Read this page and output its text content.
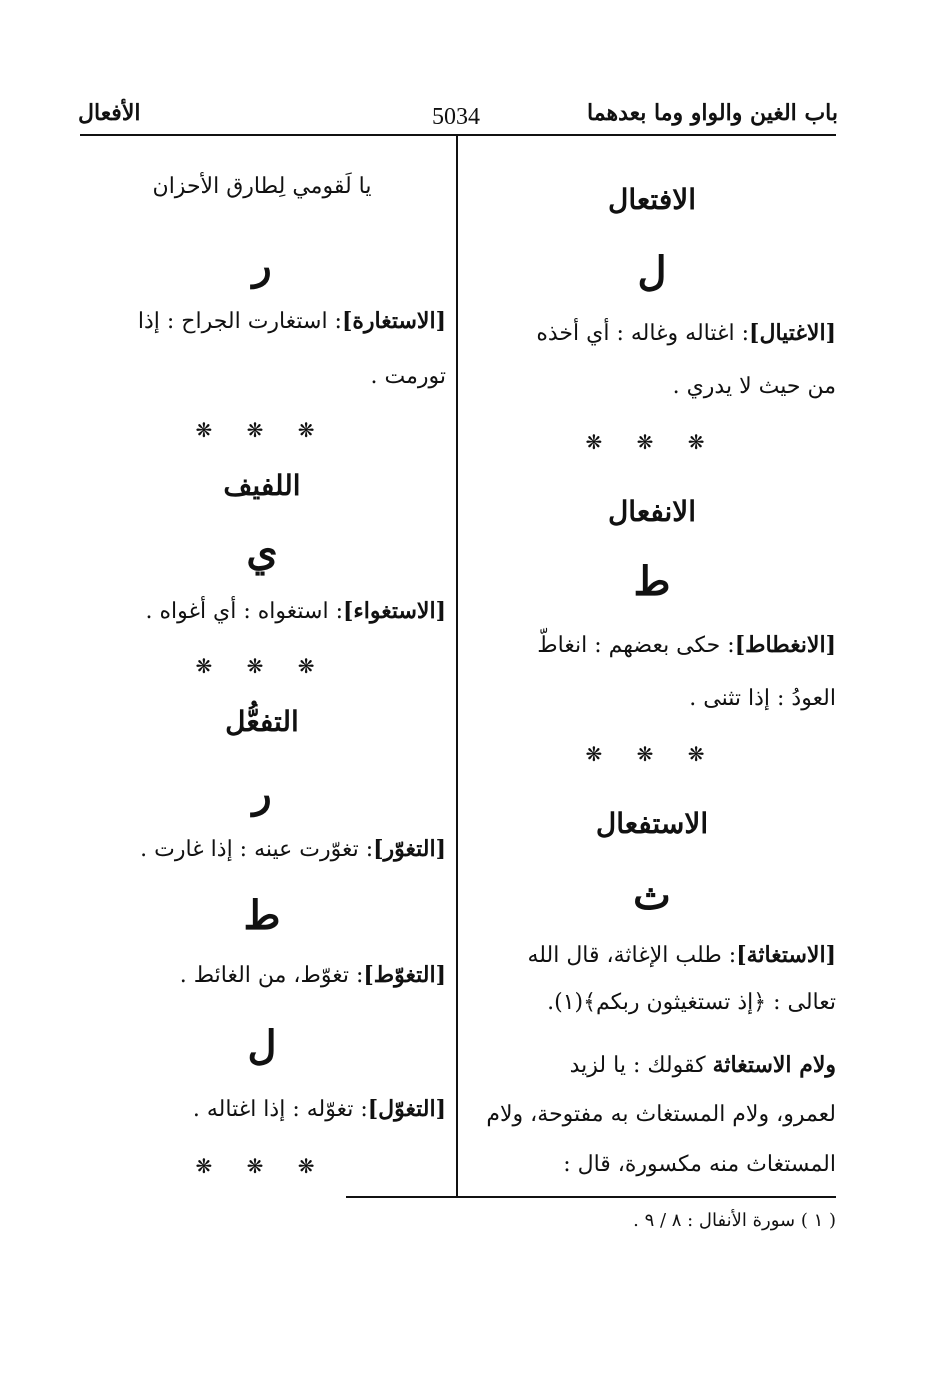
باب الغين والواو وما بعدهما
5034
الأفعال
الافتعال
ل
[الاغتيال]: اغتاله وغاله : أي أخذه
من حيث لا يدري .
❋ ❋ ❋
الانفعال
ط
[الانغطاط]: حكى بعضهم : انغاطّ
العودُ : إذا تثنى .
❋ ❋ ❋
الاستفعال
ث
[الاستغاثة]: طلب الإغاثة، قال الله
تعالى : ﴿إذ تستغيثون ربكم﴾(١).
ولام الاستغاثة كقولك : يا لزيد
لعمرو، ولام المستغاث به مفتوحة، ولام
المستغاث منه مكسورة، قال :
يا لَقومي لِطارق الأحزان
ر
[الاستغارة]: استغارت الجراح : إذا
تورمت .
❋ ❋ ❋
اللفيف
ي
[الاستغواء]: استغواه : أي أغواه .
❋ ❋ ❋
التفعُّل
ر
[التغوّر]: تغوّرت عينه : إذا غارت .
ط
[التغوّط]: تغوّط، من الغائط .
ل
[التغوّل]: تغوّله : إذا اغتاله .
❋ ❋ ❋
( ١ ) سورة الأنفال : ٨ / ٩ .
